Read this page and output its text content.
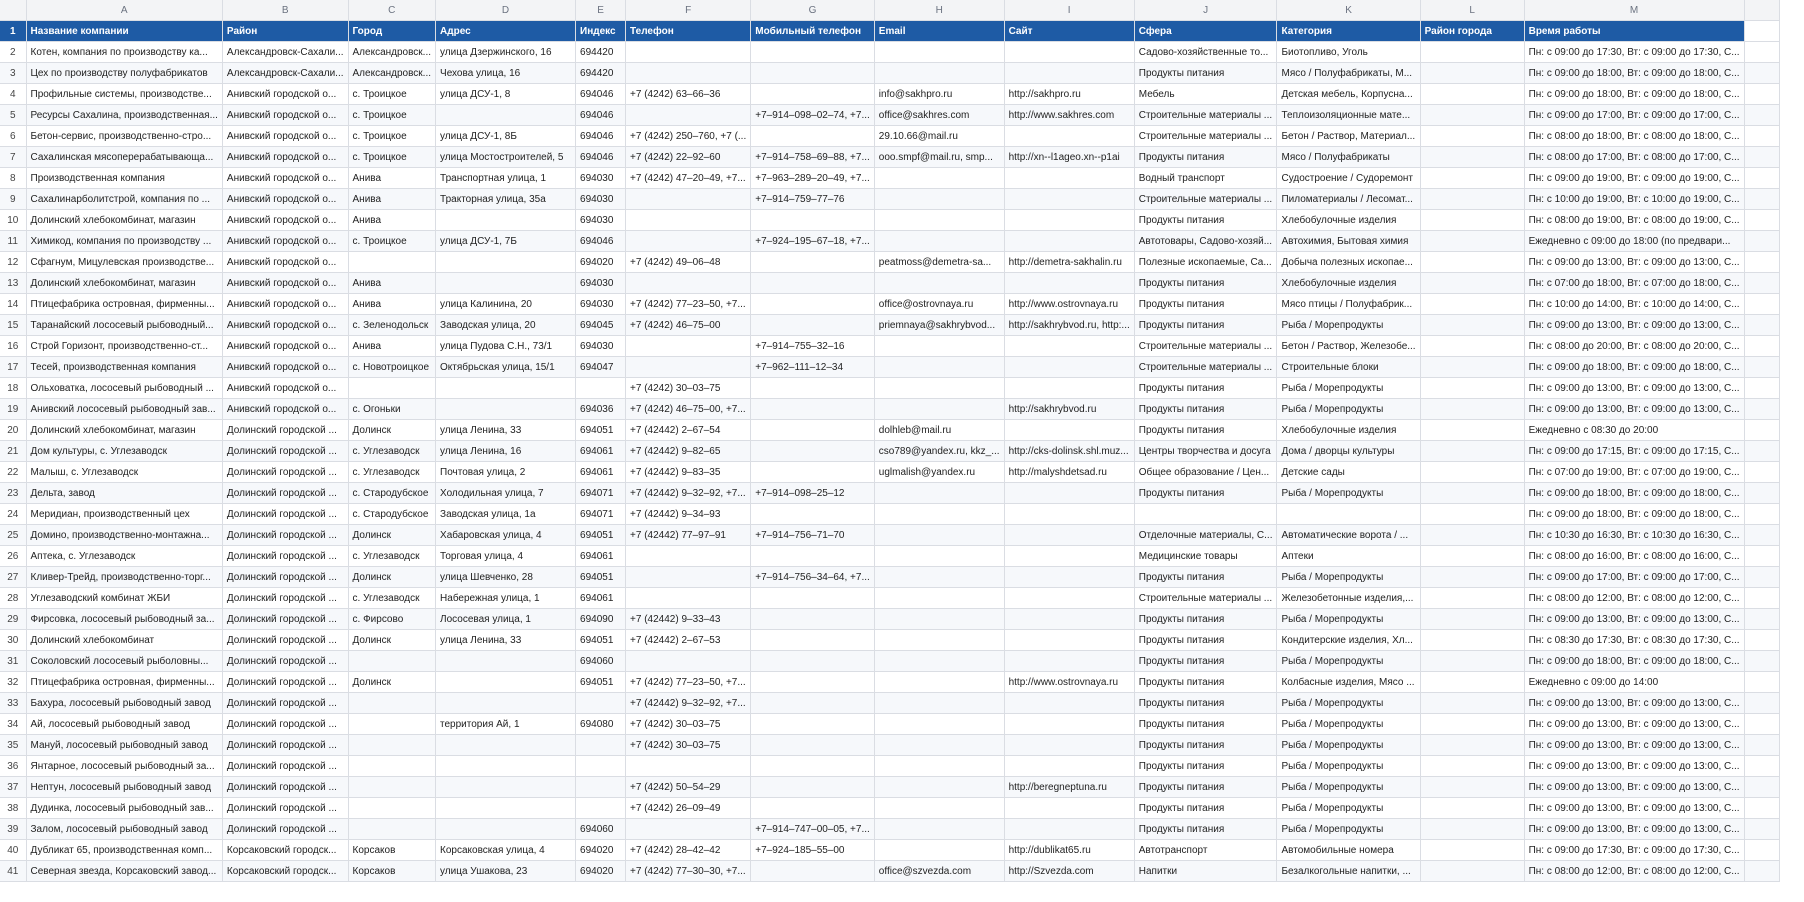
	A	B	C	D	E	F	G	H	I	J	K	L	M	
1	Название компании	Район	Город	Адрес	Индекс	Телефон	Мобильный телефон	Email	Сайт	Сфера	Категория	Район города	Время работы	
2	Котен, компания по производству ка...	Александровск-Сахали...	Александровск...	улица Дзержинского, 16	694420					Садово-хозяйственные то...	Биотопливо, Уголь		Пн: с 09:00 до 17:30, Вт: с 09:00 до 17:30, С...	
3	Цех по производству полуфабрикатов	Александровск-Сахали...	Александровск...	Чехова улица, 16	694420					Продукты питания	Мясо / Полуфабрикаты, М...		Пн: с 09:00 до 18:00, Вт: с 09:00 до 18:00, С...	
4	Профильные системы, производстве...	Анивский городской о...	с. Троицкое	улица ДСУ-1, 8	694046	+7 (4242) 63–66–36		info@sakhpro.ru	http://sakhpro.ru	Мебель	Детская мебель, Корпусна...		Пн: с 09:00 до 18:00, Вт: с 09:00 до 18:00, С...	
5	Ресурсы Сахалина, производственная...	Анивский городской о...	с. Троицкое		694046		+7–914–098–02–74, +7...	office@sakhres.com	http://www.sakhres.com	Строительные материалы ...	Теплоизоляционные мате...		Пн: с 09:00 до 17:00, Вт: с 09:00 до 17:00, С...	
6	Бетон-сервис, производственно-стро...	Анивский городской о...	с. Троицкое	улица ДСУ-1, 8Б	694046	+7 (4242) 250–760, +7 (...		29.10.66@mail.ru		Строительные материалы ...	Бетон / Раствор, Материал...		Пн: с 08:00 до 18:00, Вт: с 08:00 до 18:00, С...	
7	Сахалинская мясоперерабатывающа...	Анивский городской о...	с. Троицкое	улица Мостостроителей, 5	694046	+7 (4242) 22–92–60	+7–914–758–69–88, +7...	ooo.smpf@mail.ru, smp...	http://xn--l1ageo.xn--p1ai	Продукты питания	Мясо / Полуфабрикаты		Пн: с 08:00 до 17:00, Вт: с 08:00 до 17:00, С...	
8	Производственная компания	Анивский городской о...	Анива	Транспортная улица, 1	694030	+7 (4242) 47–20–49, +7...	+7–963–289–20–49, +7...			Водный транспорт	Судостроение / Судоремонт		Пн: с 09:00 до 19:00, Вт: с 09:00 до 19:00, С...	
9	Сахалинарболитстрой, компания по ...	Анивский городской о...	Анива	Тракторная улица, 35а	694030		+7–914–759–77–76			Строительные материалы ...	Пиломатериалы / Лесомат...		Пн: с 10:00 до 19:00, Вт: с 10:00 до 19:00, С...	
10	Долинский хлебокомбинат, магазин	Анивский городской о...	Анива		694030					Продукты питания	Хлебобулочные изделия		Пн: с 08:00 до 19:00, Вт: с 08:00 до 19:00, С...	
11	Химикод, компания по производству ...	Анивский городской о...	с. Троицкое	улица ДСУ-1, 7Б	694046		+7–924–195–67–18, +7...			Автотовары, Садово-хозяй...	Автохимия, Бытовая химия		Ежедневно с 09:00 до 18:00 (по предвари...	
12	Сфагнум, Мицулевская производстве...	Анивский городской о...			694020	+7 (4242) 49–06–48		peatmoss@demetra-sa...	http://demetra-sakhalin.ru	Полезные ископаемые, Са...	Добыча полезных ископае...		Пн: с 09:00 до 13:00, Вт: с 09:00 до 13:00, С...	
13	Долинский хлебокомбинат, магазин	Анивский городской о...	Анива		694030					Продукты питания	Хлебобулочные изделия		Пн: с 07:00 до 18:00, Вт: с 07:00 до 18:00, С...	
14	Птицефабрика островная, фирменны...	Анивский городской о...	Анива	улица Калинина, 20	694030	+7 (4242) 77–23–50, +7...		office@ostrovnaya.ru	http://www.ostrovnaya.ru	Продукты питания	Мясо птицы / Полуфабрик...		Пн: с 10:00 до 14:00, Вт: с 10:00 до 14:00, С...	
15	Таранайский лососевый рыбоводный...	Анивский городской о...	с. Зеленодольск	Заводская улица, 20	694045	+7 (4242) 46–75–00		priemnaya@sakhrybvod...	http://sakhrybvod.ru, http:...	Продукты питания	Рыба / Морепродукты		Пн: с 09:00 до 13:00, Вт: с 09:00 до 13:00, С...	
16	Строй Горизонт, производственно-ст...	Анивский городской о...	Анива	улица Пудова С.Н., 73/1	694030		+7–914–755–32–16			Строительные материалы ...	Бетон / Раствор, Железобе...		Пн: с 08:00 до 20:00, Вт: с 08:00 до 20:00, С...	
17	Тесей, производственная компания	Анивский городской о...	с. Новотроицкое	Октябрьская улица, 15/1	694047		+7–962–111–12–34			Строительные материалы ...	Строительные блоки		Пн: с 09:00 до 18:00, Вт: с 09:00 до 18:00, С...	
18	Ольховатка, лососевый рыбоводный ...	Анивский городской о...				+7 (4242) 30–03–75				Продукты питания	Рыба / Морепродукты		Пн: с 09:00 до 13:00, Вт: с 09:00 до 13:00, С...	
19	Анивский лососевый рыбоводный зав...	Анивский городской о...	с. Огоньки		694036	+7 (4242) 46–75–00, +7...			http://sakhrybvod.ru	Продукты питания	Рыба / Морепродукты		Пн: с 09:00 до 13:00, Вт: с 09:00 до 13:00, С...	
20	Долинский хлебокомбинат, магазин	Долинский городской ...	Долинск	улица Ленина, 33	694051	+7 (42442) 2–67–54		dolhleb@mail.ru		Продукты питания	Хлебобулочные изделия		Ежедневно с 08:30 до 20:00	
21	Дом культуры, с. Углезаводск	Долинский городской ...	с. Углезаводск	улица Ленина, 16	694061	+7 (42442) 9–82–65		cso789@yandex.ru, kkz_...	http://cks-dolinsk.shl.muz...	Центры творчества и досуга	Дома / дворцы культуры		Пн: с 09:00 до 17:15, Вт: с 09:00 до 17:15, С...	
22	Малыш, с. Углезаводск	Долинский городской ...	с. Углезаводск	Почтовая улица, 2	694061	+7 (42442) 9–83–35		uglmalish@yandex.ru	http://malyshdetsad.ru	Общее образование / Цен...	Детские сады		Пн: с 07:00 до 19:00, Вт: с 07:00 до 19:00, С...	
23	Дельта, завод	Долинский городской ...	с. Стародубское	Холодильная улица, 7	694071	+7 (42442) 9–32–92, +7...	+7–914–098–25–12			Продукты питания	Рыба / Морепродукты		Пн: с 09:00 до 18:00, Вт: с 09:00 до 18:00, С...	
24	Меридиан, производственный цех	Долинский городской ...	с. Стародубское	Заводская улица, 1а	694071	+7 (42442) 9–34–93							Пн: с 09:00 до 18:00, Вт: с 09:00 до 18:00, С...	
25	Домино, производственно-монтажна...	Долинский городской ...	Долинск	Хабаровская улица, 4	694051	+7 (42442) 77–97–91	+7–914–756–71–70			Отделочные материалы, С...	Автоматические ворота / ...		Пн: с 10:30 до 16:30, Вт: с 10:30 до 16:30, С...	
26	Аптека, с. Углезаводск	Долинский городской ...	с. Углезаводск	Торговая улица, 4	694061					Медицинские товары	Аптеки		Пн: с 08:00 до 16:00, Вт: с 08:00 до 16:00, С...	
27	Кливер-Трейд, производственно-торг...	Долинский городской ...	Долинск	улица Шевченко, 28	694051		+7–914–756–34–64, +7...			Продукты питания	Рыба / Морепродукты		Пн: с 09:00 до 17:00, Вт: с 09:00 до 17:00, С...	
28	Углезаводский комбинат ЖБИ	Долинский городской ...	с. Углезаводск	Набережная улица, 1	694061					Строительные материалы ...	Железобетонные изделия,...		Пн: с 08:00 до 12:00, Вт: с 08:00 до 12:00, С...	
29	Фирсовка, лососевый рыбоводный за...	Долинский городской ...	с. Фирсово	Лососевая улица, 1	694090	+7 (42442) 9–33–43				Продукты питания	Рыба / Морепродукты		Пн: с 09:00 до 13:00, Вт: с 09:00 до 13:00, С...	
30	Долинский хлебокомбинат	Долинский городской ...	Долинск	улица Ленина, 33	694051	+7 (42442) 2–67–53				Продукты питания	Кондитерские изделия, Хл...		Пн: с 08:30 до 17:30, Вт: с 08:30 до 17:30, С...	
31	Соколовский лососевый рыболовны...	Долинский городской ...			694060					Продукты питания	Рыба / Морепродукты		Пн: с 09:00 до 18:00, Вт: с 09:00 до 18:00, С...	
32	Птицефабрика островная, фирменны...	Долинский городской ...	Долинск		694051	+7 (4242) 77–23–50, +7...			http://www.ostrovnaya.ru	Продукты питания	Колбасные изделия, Мясо ...		Ежедневно с 09:00 до 14:00	
33	Бахура, лососевый рыбоводный завод	Долинский городской ...				+7 (42442) 9–32–92, +7...				Продукты питания	Рыба / Морепродукты		Пн: с 09:00 до 13:00, Вт: с 09:00 до 13:00, С...	
34	Ай, лососевый рыбоводный завод	Долинский городской ...		территория Ай, 1	694080	+7 (4242) 30–03–75				Продукты питания	Рыба / Морепродукты		Пн: с 09:00 до 13:00, Вт: с 09:00 до 13:00, С...	
35	Мануй, лососевый рыбоводный завод	Долинский городской ...				+7 (4242) 30–03–75				Продукты питания	Рыба / Морепродукты		Пн: с 09:00 до 13:00, Вт: с 09:00 до 13:00, С...	
36	Янтарное, лососевый рыбоводный за...	Долинский городской ...								Продукты питания	Рыба / Морепродукты		Пн: с 09:00 до 13:00, Вт: с 09:00 до 13:00, С...	
37	Нептун, лососевый рыбоводный завод	Долинский городской ...				+7 (4242) 50–54–29			http://beregneptuna.ru	Продукты питания	Рыба / Морепродукты		Пн: с 09:00 до 13:00, Вт: с 09:00 до 13:00, С...	
38	Дудинка, лососевый рыбоводный зав...	Долинский городской ...				+7 (4242) 26–09–49				Продукты питания	Рыба / Морепродукты		Пн: с 09:00 до 13:00, Вт: с 09:00 до 13:00, С...	
39	Залом, лососевый рыбоводный завод	Долинский городской ...			694060		+7–914–747–00–05, +7...			Продукты питания	Рыба / Морепродукты		Пн: с 09:00 до 13:00, Вт: с 09:00 до 13:00, С...	
40	Дубликат 65, производственная комп...	Корсаковский городск...	Корсаков	Корсаковская улица, 4	694020	+7 (4242) 28–42–42	+7–924–185–55–00		http://dublikat65.ru	Автотранспорт	Автомобильные номера		Пн: с 09:00 до 17:30, Вт: с 09:00 до 17:30, С...	
41	Северная звезда, Корсаковский завод...	Корсаковский городск...	Корсаков	улица Ушакова, 23	694020	+7 (4242) 77–30–30, +7...		office@szvezda.com	http://Szvezda.com	Напитки	Безалкогольные напитки, ...		Пн: с 08:00 до 12:00, Вт: с 08:00 до 12:00, С...	
